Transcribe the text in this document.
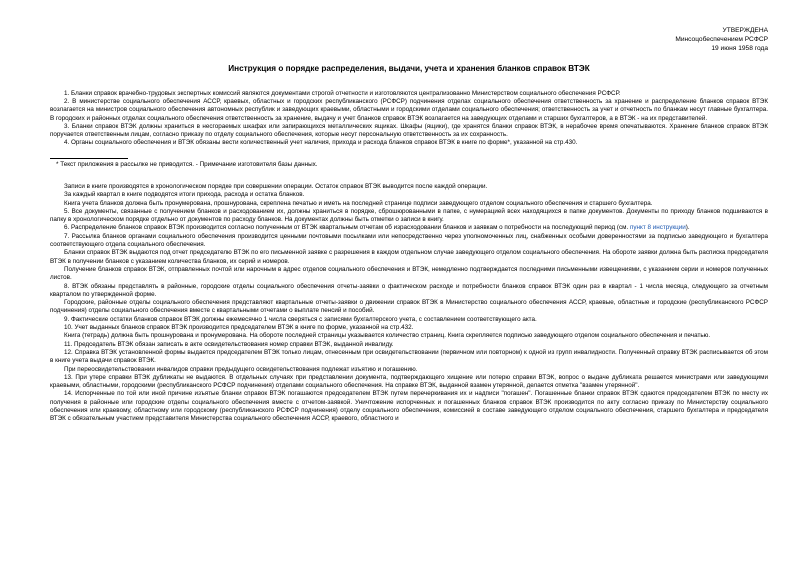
УТВЕРЖДЕНА
Минсоцобеспечением РСФСР
19 июня 1958 года
Инструкция о порядке распределения, выдачи, учета и хранения бланков справок ВТЭК

1. Бланки справок врачебно-трудовых экспертных комиссий являются документами строгой отчетности и изготовляются централизованно Министерством социального обеспечения РСФСР.

2. В министерстве социального обеспечения АССР, краевых, областных и городских республиканского (РСФСР) подчинения отделах социального обеспечения ответственность за хранение и распределение бланков справок ВТЭК возлагается на министров социального обеспечения автономных республик и заведующих краевыми, областными и городскими отделами социального обеспечения; ответственность за учет и отчетность по бланкам несут главные бухгалтера. В городских и районных отделах социального обеспечения ответственность за хранение, выдачу и учет бланков справок ВТЭК возлагается на заведующих отделами и старших бухгалтеров, а в ВТЭК - на их представителей.

3. Бланки справок ВТЭК должны храниться в несгораемых шкафах или запирающихся металлических ящиках. Шкафы (ящики), где хранятся бланки справок ВТЭК, в нерабочее время опечатываются. Хранение бланков справок ВТЭК поручается ответственным лицам, согласно приказу по отделу социального обеспечения, которые несут персональную ответственность за их сохранность.

4. Органы социального обеспечения и ВТЭК обязаны вести количественный учет наличия, прихода и расхода бланков справок ВТЭК в книге по форме*, указанной на стр.430.

* Текст приложения в рассылке не приводится. - Примечание изготовителя базы данных.

Записи в книге производятся в хронологическом порядке при совершении операции. Остаток справок ВТЭК выводится после каждой операции.

За каждый квартал в книге подводятся итоги прихода, расхода и остатка бланков.

Книга учета бланков должна быть пронумерована, прошнурована, скреплена печатью и иметь на последней странице подписи заведующего отделом социального обеспечения и старшего бухгалтера.

5. Все документы, связанные с получением бланков и расходованием их, должны храниться в порядке, сброшюрованными в папке, с нумерацией всех находящихся в папке документов. Документы по приходу бланков подшиваются в папку в хронологическом порядке отдельно от документов по расходу бланков. На документах должны быть отметки о записи в книгу.

6. Распределение бланков справок ВТЭК производится согласно полученным от ВТЭК квартальным отчетам об израсходовании бланков и заявкам о потребности на последующий период (см. пункт 8 инструкции).

7. Рассылка бланков органами социального обеспечения производится ценными почтовыми посылками или непосредственно через уполномоченных лиц, снабженных особыми доверенностями за подписью заведующего и бухгалтера соответствующего отдела социального обеспечения.

Бланки справок ВТЭК выдаются под отчет председателю ВТЭК по его письменной заявке с разрешения в каждом отдельном случае заведующего отделом социального обеспечения. На обороте заявки должна быть расписка председателя ВТЭК в получении бланков с указанием количества бланков, их серий и номеров.

Получение бланков справок ВТЭК, отправленных почтой или нарочным в адрес отделов социального обеспечения и ВТЭК, немедленно подтверждается последними письменными извещениями, с указанием серии и номеров полученных листов.

8. ВТЭК обязаны представлять в районные, городские отделы социального обеспечения отчеты-заявки о фактическом расходе и потребности бланков справок ВТЭК один раз в квартал - 1 числа месяца, следующего за отчетным кварталом по утвержденной форме.

Городские, районные отделы социального обеспечения представляют квартальные отчеты-заявки о движении справок ВТЭК в Министерство социального обеспечения АССР, краевые, областные и городские (республиканского РСФСР подчинения) отделы социального обеспечения вместе с квартальными отчетами о выплате пенсий и пособий.

9. Фактические остатки бланков справок ВТЭК должны ежемесячно 1 числа сверяться с записями бухгалтерского учета, с составлением соответствующего акта.

10. Учет выданных бланков справок ВТЭК производится председателем ВТЭК в книге по форме, указанной на стр.432.

Книга (тетрадь) должна быть прошнурована и пронумерована. На обороте последней страницы указывается количество страниц. Книга скрепляется подписью заведующего отделом социального обеспечения и печатью.

11. Председатель ВТЭК обязан записать в акте освидетельствования номер справки ВТЭК, выданной инвалиду.

12. Справка ВТЭК установленной формы выдается председателем ВТЭК только лицам, отнесенным при освидетельствовании (первичном или повторном) к одной из групп инвалидности. Полученный справку ВТЭК расписывается об этом в книге учета выдачи справок ВТЭК.

При переосвидетельствовании инвалидов справки предыдущего освидетельствования подлежат изъятию и погашению.

13. При утере справки ВТЭК дубликаты не выдаются. В отдельных случаях при представлении документа, подтверждающего хищение или потерю справки ВТЭК, вопрос о выдаче дубликата решается министрами или заведующими краевыми, областными, городскими (республиканского РСФСР подчинения) отделами социального обеспечения. На справке ВТЭК, выданной взамен утерянной, делается отметка "взамен утерянной".

14. Испорченные по той или иной причине изъятые бланки справок ВТЭК погашаются председателем ВТЭК путем перечеркивания их и надписи "погашен". Погашенные бланки справок ВТЭК сдаются председателем ВТЭК по месту их получения в районные или городские отделы социального обеспечения вместе с отчетом-заявкой. Уничтожение испорченных и погашенных бланков справок ВТЭК производится по акту согласно приказу по Министерству социального обеспечения или краевому, областному или городскому (республиканского РСФСР подчинения) отделу социального обеспечения, комиссией в составе заведующего отделом социального обеспечения, старшего бухгалтера и председателя ВТЭК с обязательным участием представителя Министерства социального обеспечения АССР, краевого, областного и
